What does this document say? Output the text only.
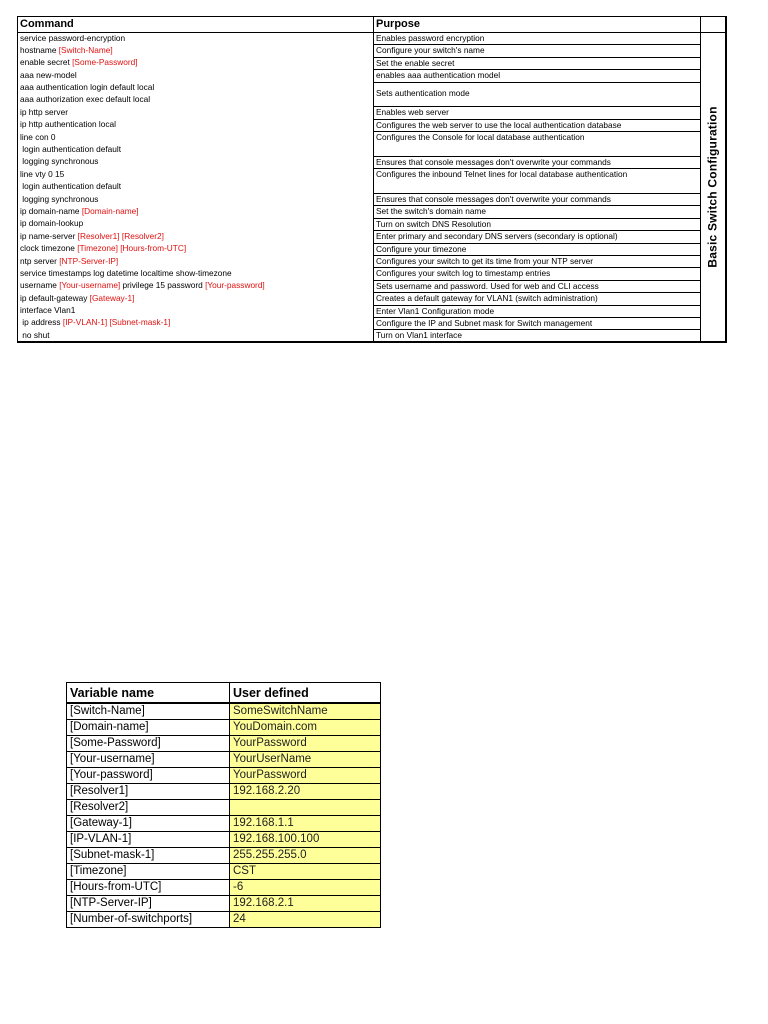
Command	Purpose	
service password-encryption	Enables password encryption	Basic Switch Configuration

hostname [Switch-Name]	Configure your switch's name	
enable secret [Some-Password]	Set the enable secret	
aaa new-model	enables aaa authentication model	
aaa authentication login default local	Sets authentication mode	
aaa authorization exec default local		
ip http server	Enables web server	
ip http authentication local	Configures the web server to use the local authentication database	
line con 0	Configures the Console for local database authentication	
login authentication default		
logging synchronous	Ensures that console messages don't overwrite your commands	
line vty 0 15	Configures the inbound Telnet lines for local database authentication	
login authentication default		
logging synchronous	Ensures that console messages don't overwrite your commands	
ip domain-name [Domain-name]	Set the switch's domain name	
ip domain-lookup	Turn on switch DNS Resolution	
ip name-server [Resolver1] [Resolver2]	Enter primary and secondary DNS servers (secondary is optional)	
clock timezone [Timezone] [Hours-from-UTC]	Configure your timezone	
ntp server [NTP-Server-IP]	Configures your switch to get its time from your NTP server	
service timestamps log datetime localtime show-timezone	Configures your switch log to timestamp entries	
username [Your-username] privilege 15 password [Your-password]	Sets username and password. Used for web and CLI access	
ip default-gateway [Gateway-1]	Creates a default gateway for VLAN1 (switch administration)	
interface Vlan1	Enter Vlan1 Configuration mode	
ip address [IP-VLAN-1] [Subnet-mask-1]	Configure the IP and Subnet mask for Switch management	
no shut	Turn on Vlan1 interface	
Variable name	User defined
[Switch-Name]	SomeSwitchName
[Domain-name]	YouDomain.com
[Some-Password]	YourPassword
[Your-username]	YourUserName
[Your-password]	YourPassword
[Resolver1]	192.168.2.20
[Resolver2]	
[Gateway-1]	192.168.1.1
[IP-VLAN-1]	192.168.100.100
[Subnet-mask-1]	255.255.255.0
[Timezone]	CST
[Hours-from-UTC]	-6
[NTP-Server-IP]	192.168.2.1
[Number-of-switchports]	24
